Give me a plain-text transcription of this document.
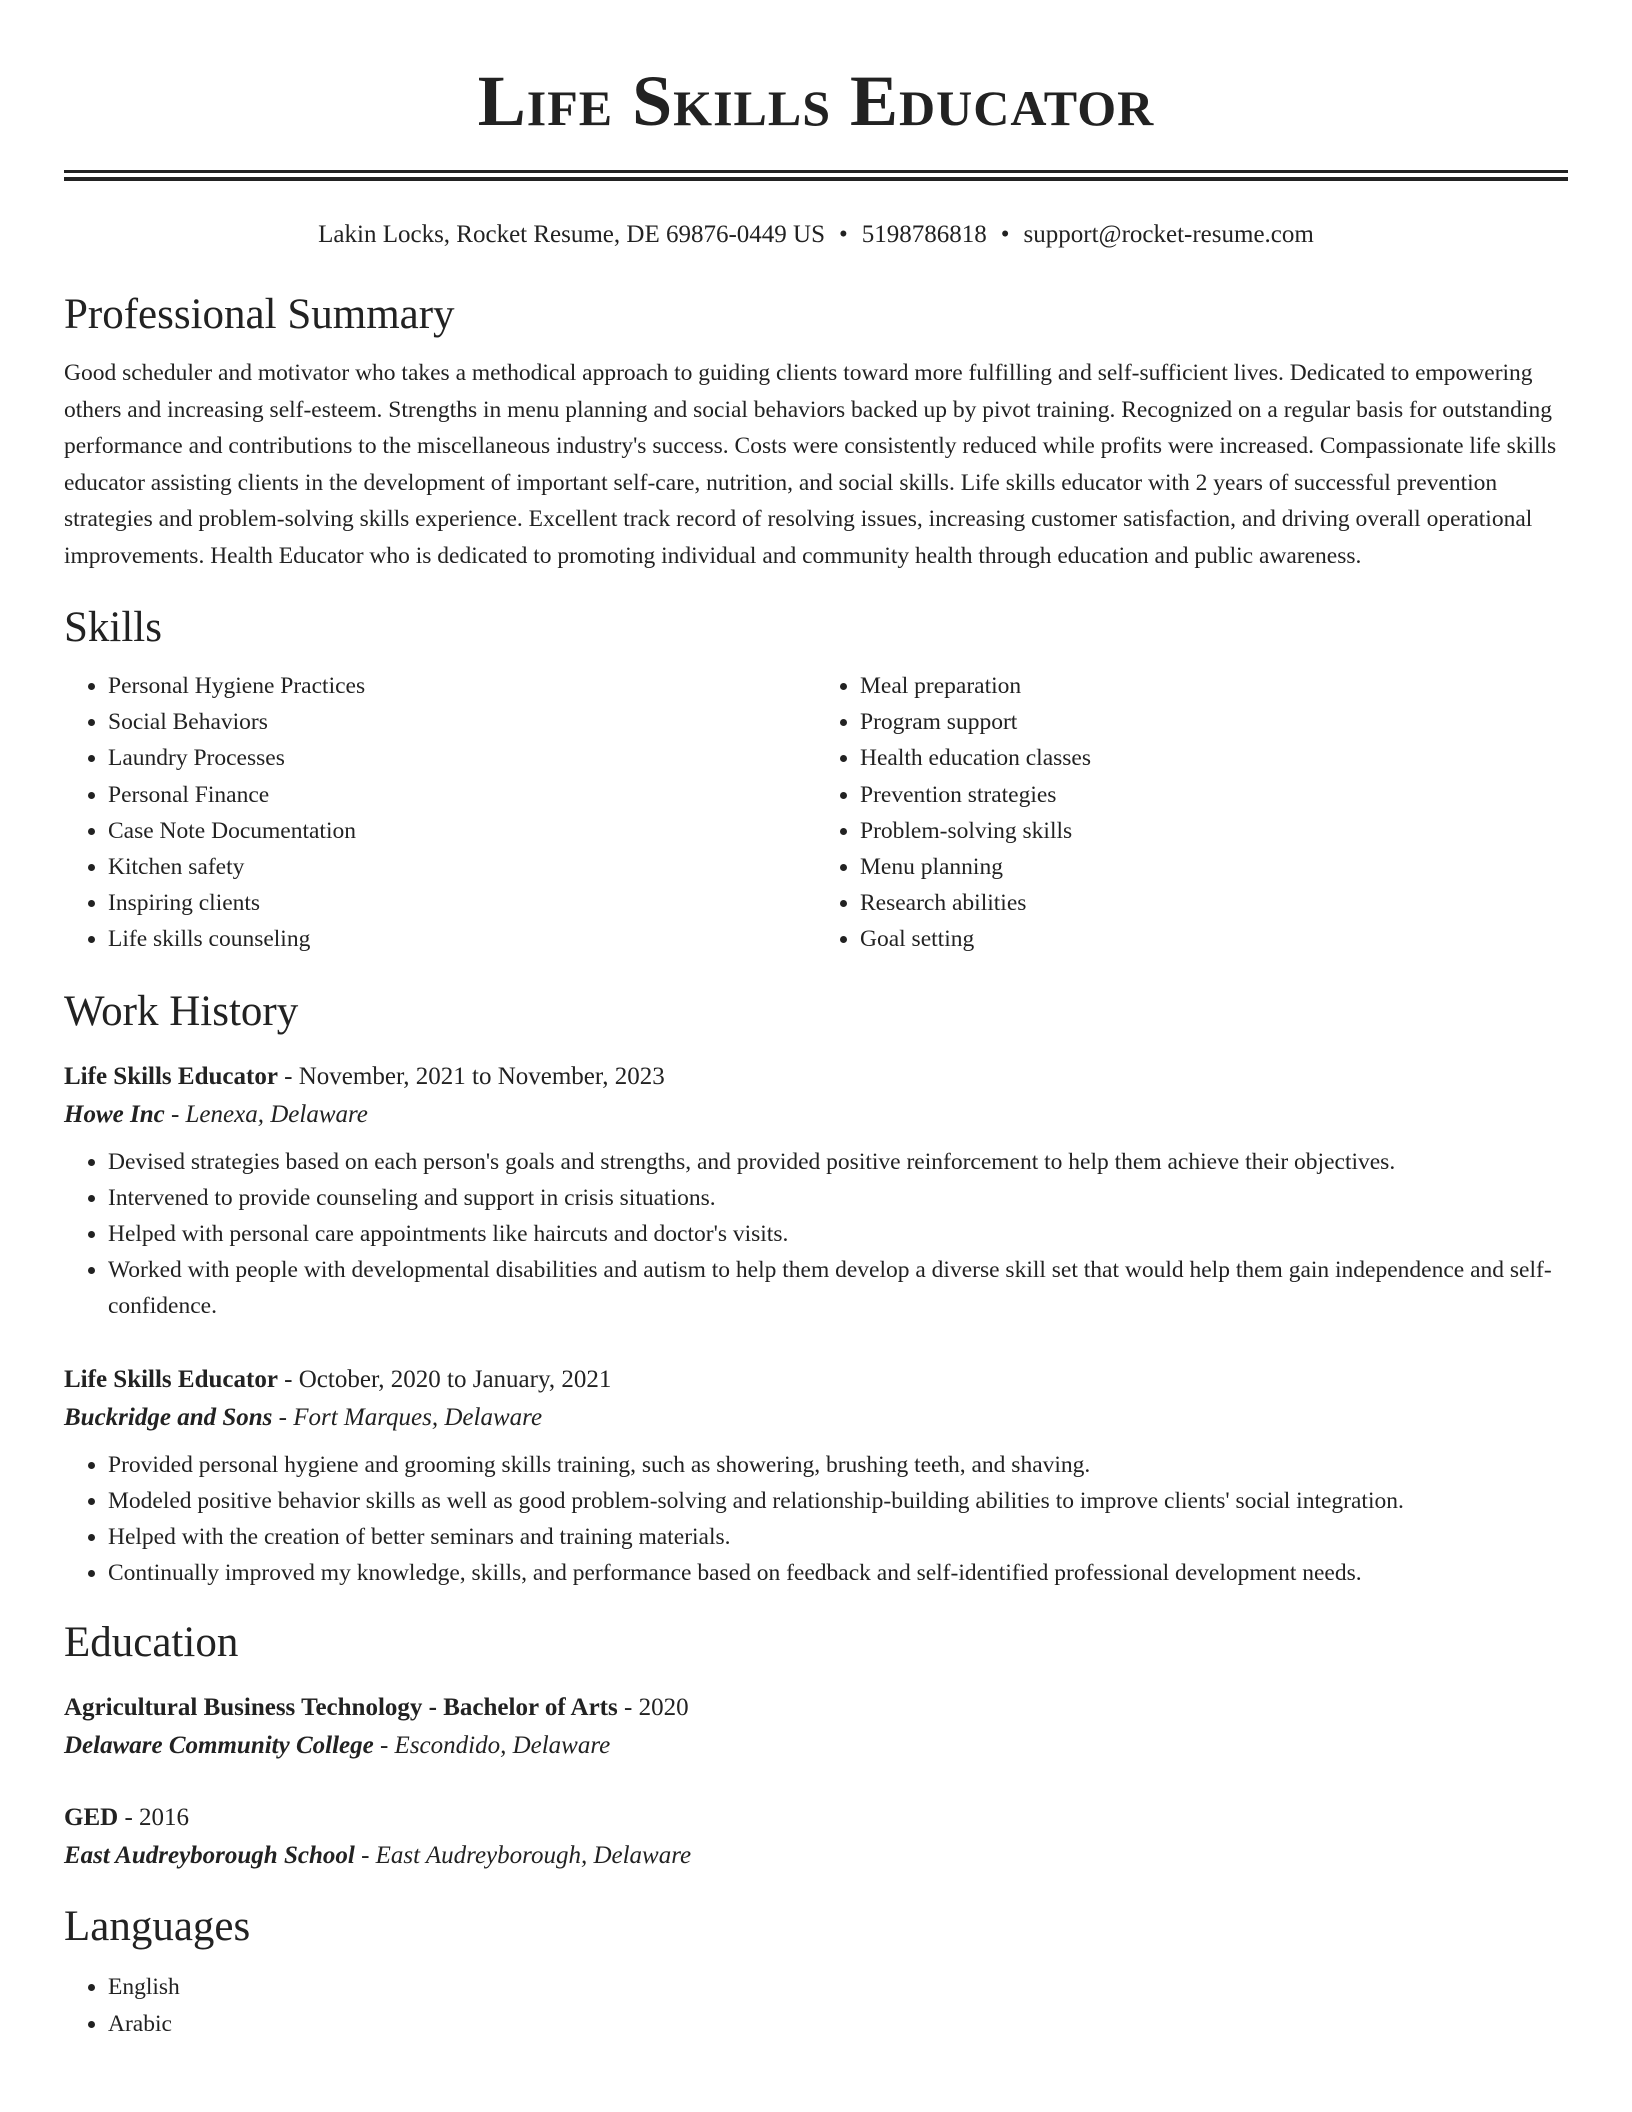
Life Skills Educator
Lakin Locks, Rocket Resume, DE 69876-0449 US • 5198786818 • support@rocket-resume.com
Professional Summary
Good scheduler and motivator who takes a methodical approach to guiding clients toward more fulfilling and self-sufficient lives. Dedicated to empowering others and increasing self-esteem. Strengths in menu planning and social behaviors backed up by pivot training. Recognized on a regular basis for outstanding performance and contributions to the miscellaneous industry's success. Costs were consistently reduced while profits were increased. Compassionate life skills educator assisting clients in the development of important self-care, nutrition, and social skills. Life skills educator with 2 years of successful prevention strategies and problem-solving skills experience. Excellent track record of resolving issues, increasing customer satisfaction, and driving overall operational improvements. Health Educator who is dedicated to promoting individual and community health through education and public awareness.
Skills
• Personal Hygiene Practices
• Social Behaviors
• Laundry Processes
• Personal Finance
• Case Note Documentation
• Kitchen safety
• Inspiring clients
• Life skills counseling
• Meal preparation
• Program support
• Health education classes
• Prevention strategies
• Problem-solving skills
• Menu planning
• Research abilities
• Goal setting
Work History
Life Skills Educator - November, 2021 to November, 2023
Howe Inc - Lenexa, Delaware
• Devised strategies based on each person's goals and strengths, and provided positive reinforcement to help them achieve their objectives.
• Intervened to provide counseling and support in crisis situations.
• Helped with personal care appointments like haircuts and doctor's visits.
• Worked with people with developmental disabilities and autism to help them develop a diverse skill set that would help them gain independence and self-confidence.
Life Skills Educator - October, 2020 to January, 2021
Buckridge and Sons - Fort Marques, Delaware
• Provided personal hygiene and grooming skills training, such as showering, brushing teeth, and shaving.
• Modeled positive behavior skills as well as good problem-solving and relationship-building abilities to improve clients' social integration.
• Helped with the creation of better seminars and training materials.
• Continually improved my knowledge, skills, and performance based on feedback and self-identified professional development needs.
Education
Agricultural Business Technology - Bachelor of Arts - 2020
Delaware Community College - Escondido, Delaware
GED - 2016
East Audreyborough School - East Audreyborough, Delaware
Languages
• English
• Arabic
